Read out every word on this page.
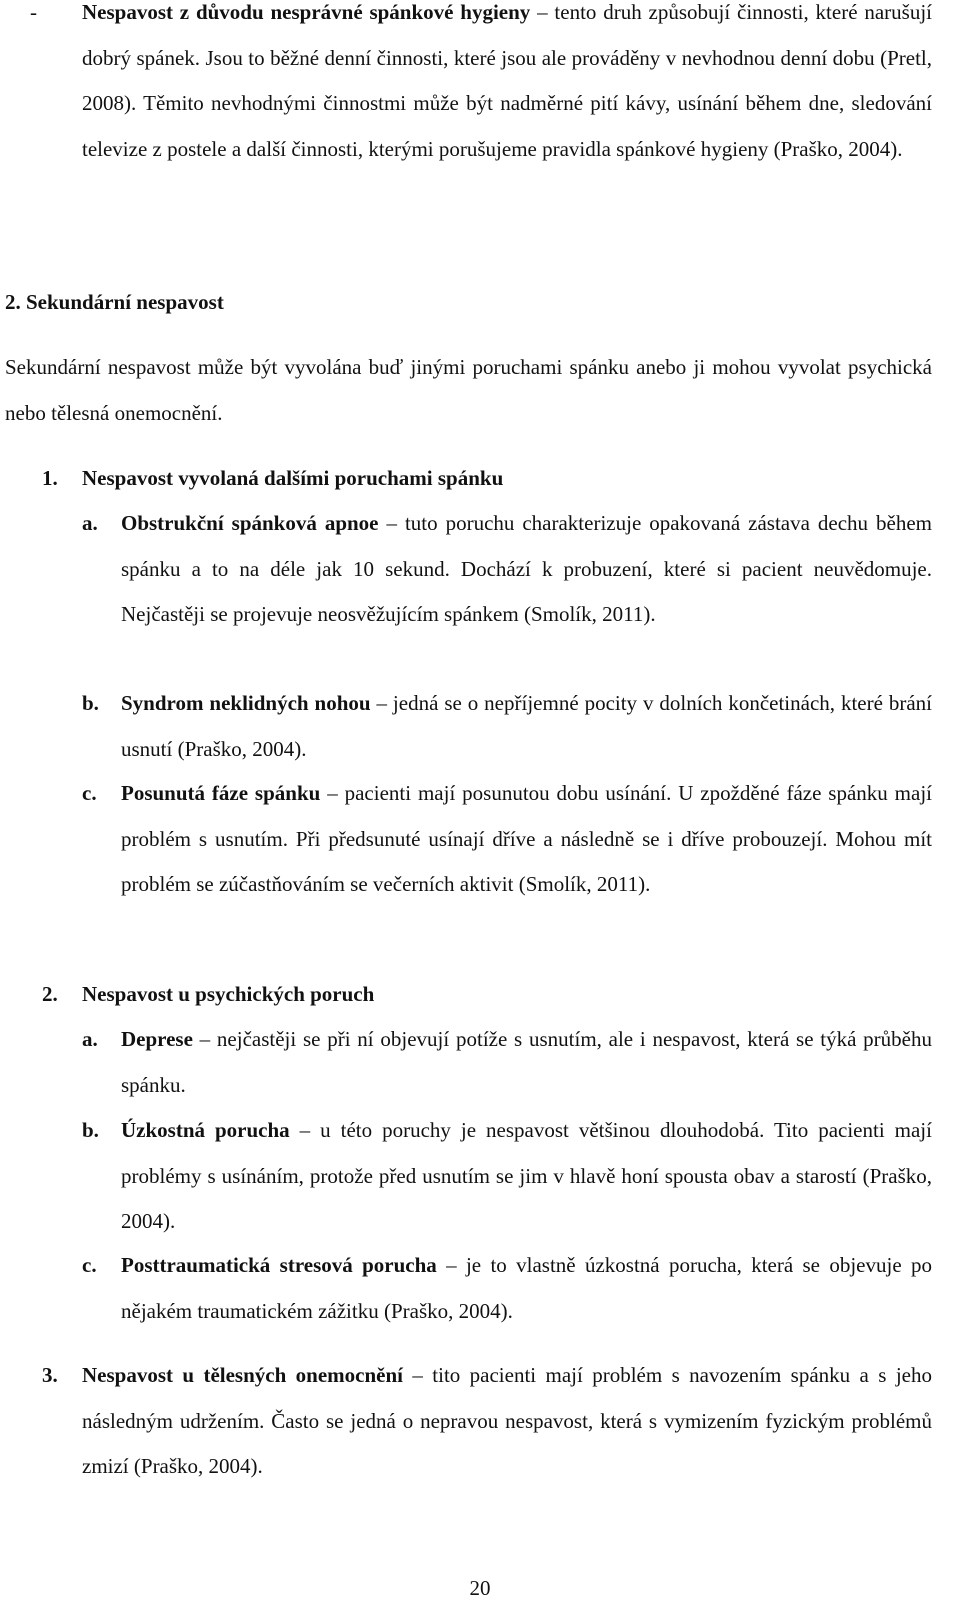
- Nespavost z důvodu nesprávné spánkové hygieny – tento druh způsobují činnosti, které narušují dobrý spánek. Jsou to běžné denní činnosti, které jsou ale prováděny v nevhodnou denní dobu (Pretl, 2008). Těmito nevhodnými činnostmi může být nadměrné pití kávy, usínání během dne, sledování televize z postele a další činnosti, kterými porušujeme pravidla spánkové hygieny (Praško, 2004).

2. Sekundární nespavost

Sekundární nespavost může být vyvolána buď jinými poruchami spánku anebo ji mohou vyvolat psychická nebo tělesná onemocnění.

1. Nespavost vyvolaná dalšími poruchami spánku
a. Obstrukční spánková apnoe – tuto poruchu charakterizuje opakovaná zástava dechu během spánku a to na déle jak 10 sekund. Dochází k probuzení, které si pacient neuvědomuje. Nejčastěji se projevuje neosvěžujícím spánkem (Smolík, 2011).

b. Syndrom neklidných nohou – jedná se o nepříjemné pocity v dolních končetinách, které brání usnutí (Praško, 2004).

c. Posunutá fáze spánku – pacienti mají posunutou dobu usínání. U zpožděné fáze spánku mají problém s usnutím. Při předsunuté usínají dříve a následně se i dříve probouzejí. Mohou mít problém se zúčastňováním se večerních aktivit (Smolík, 2011).

2. Nespavost u psychických poruch
a. Deprese – nejčastěji se při ní objevují potíže s usnutím, ale i nespavost, která se týká průběhu spánku.

b. Úzkostná porucha – u této poruchy je nespavost většinou dlouhodobá. Tito pacienti mají problémy s usínáním, protože před usnutím se jim v hlavě honí spousta obav a starostí (Praško, 2004).

c. Posttraumatická stresová porucha – je to vlastně úzkostná porucha, která se objevuje po nějakém traumatickém zážitku (Praško, 2004).

3. Nespavost u tělesných onemocnění – tito pacienti mají problém s navozením spánku a s jeho následným udržením. Často se jedná o nepravou nespavost, která s vymizením fyzickým problémů zmizí (Praško, 2004).

20
